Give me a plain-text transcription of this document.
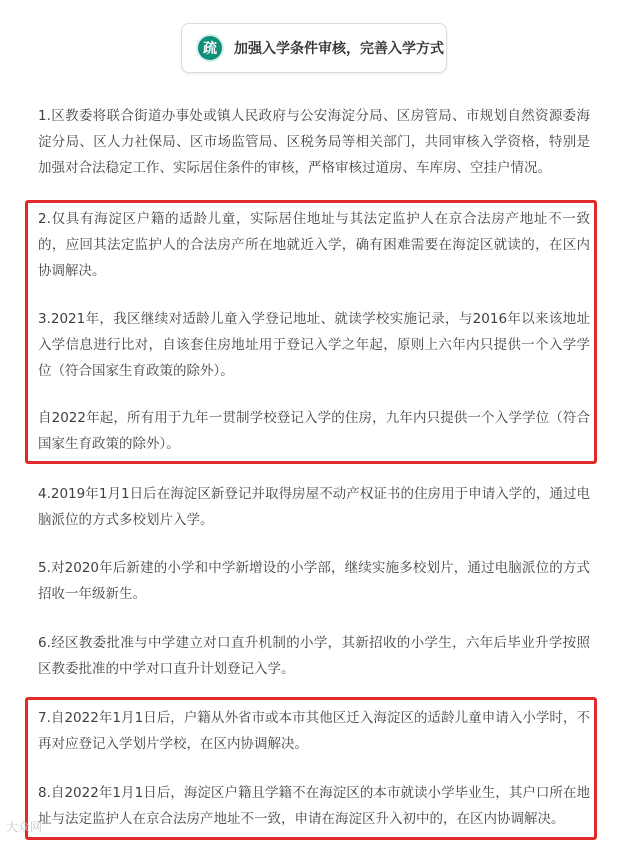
疏	加强入学条件审核，完善入学方式
1.区教委将联合街道办事处或镇人民政府与公安海淀分局、区房管局、市规划自然资源委海淀分局、区人力社保局、区市场监管局、区税务局等相关部门，共同审核入学资格，特别是加强对合法稳定工作、实际居住条件的审核，严格审核过道房、车库房、空挂户情况。
2.仅具有海淀区户籍的适龄儿童，实际居住地址与其法定监护人在京合法房产地址不一致的，应回其法定监护人的合法房产所在地就近入学，确有困难需要在海淀区就读的，在区内协调解决。
3.2021年，我区继续对适龄儿童入学登记地址、就读学校实施记录，与2016年以来该地址入学信息进行比对，自该套住房地址用于登记入学之年起，原则上六年内只提供一个入学学位（符合国家生育政策的除外）。
自2022年起，所有用于九年一贯制学校登记入学的住房，九年内只提供一个入学学位（符合国家生育政策的除外）。
4.2019年1月1日后在海淀区新登记并取得房屋不动产权证书的住房用于申请入学的，通过电脑派位的方式多校划片入学。
5.对2020年后新建的小学和中学新增设的小学部，继续实施多校划片，通过电脑派位的方式招收一年级新生。
6.经区教委批准与中学建立对口直升机制的小学，其新招收的小学生，六年后毕业升学按照区教委批准的中学对口直升计划登记入学。
7.自2022年1月1日后，户籍从外省市或本市其他区迁入海淀区的适龄儿童申请入小学时，不再对应登记入学划片学校，在区内协调解决。
8.自2022年1月1日后，海淀区户籍且学籍不在海淀区的本市就读小学毕业生，其户口所在地址与法定监护人在京合法房产地址不一致，申请在海淀区升入初中的，在区内协调解决。
大众网
